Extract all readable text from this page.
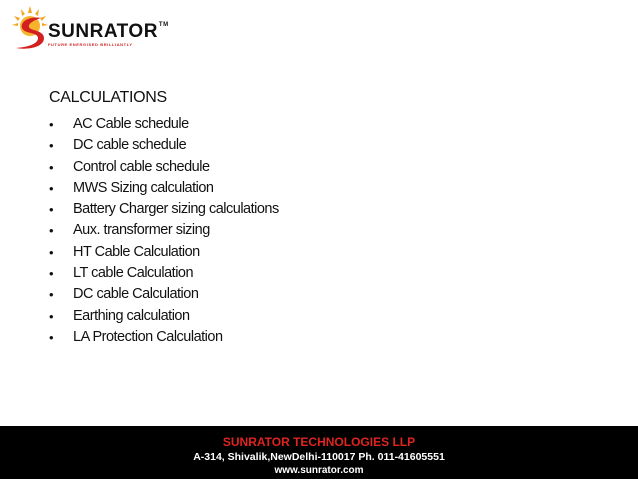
SUNRATOR™
FUTURE ENERGISED BRILLIANTLY
CALCULATIONS
• AC Cable schedule
• DC cable schedule
• Control cable schedule
• MWS Sizing calculation
• Battery Charger sizing calculations
• Aux. transformer sizing
• HT Cable Calculation
• LT cable Calculation
• DC cable Calculation
• Earthing calculation
• LA Protection Calculation
SUNRATOR TECHNOLOGIES LLP
A-314, Shivalik,NewDelhi-110017 Ph. 011-41605551
www.sunrator.com
